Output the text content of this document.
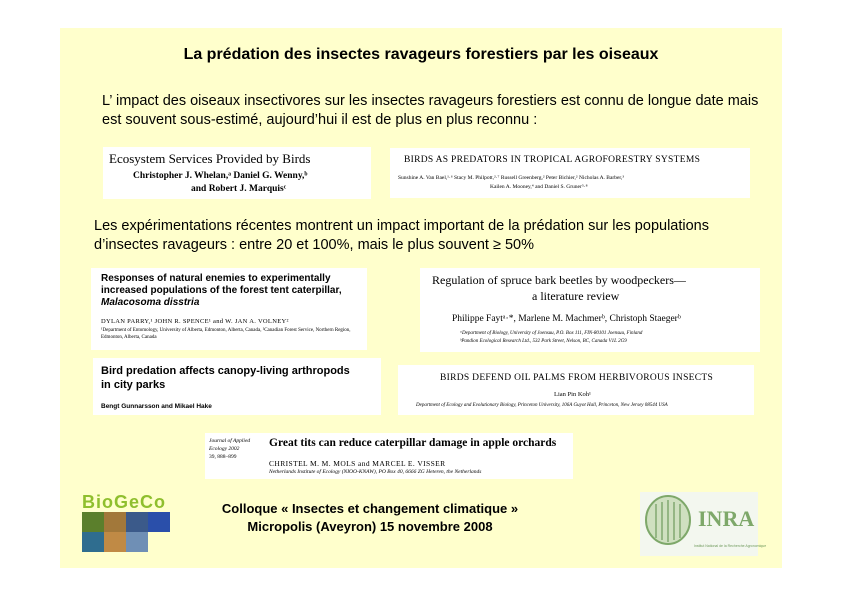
La prédation des insectes ravageurs forestiers par les oiseaux
L’ impact des oiseaux insectivores sur les insectes ravageurs forestiers est connu de longue date mais est souvent sous-estimé, aujourd’hui il est de plus en plus reconnu :
Ecosystem Services Provided by Birds
Christopher J. Whelan,ᵃ Daniel G. Wenny,ᵇ
and Robert J. Marquisᶜ
BIRDS AS PREDATORS IN TROPICAL AGROFORESTRY SYSTEMS
Sunshine A. Van Bael,¹·⁶ Stacy M. Philpott,²·⁷ Russell Greenberg,² Peter Bichier,² Nicholas A. Barber,³
Kailen A. Mooney,⁴ and Daniel S. Gruner⁵·⁸
Les expérimentations récentes montrent un impact important de la prédation sur les populations d’insectes ravageurs : entre 20 et 100%, mais le plus souvent ≥ 50%
Responses of natural enemies to experimentally
increased populations of the forest tent caterpillar,
Malacosoma disstria
DYLAN PARRY,¹ JOHN R. SPENCE¹ and W. JAN A. VOLNEY²
¹Department of Entomology, University of Alberta, Edmonton, Alberta, Canada, ²Canadian Forest Service, Northern Region, Edmonton, Alberta, Canada
Regulation of spruce bark beetles by woodpeckers—
a literature review
Philippe Faytᵃ·*, Marlene M. Machmerᵇ, Christoph Staegerᵇ
ᵃDepartment of Biology, University of Joensuu, P.O. Box 111, FIN-80101 Joensuu, Finland
ᵇPandion Ecological Research Ltd., 532 Park Street, Nelson, BC, Canada V1L 2G9
Bird predation affects canopy-living arthropods
in city parks
Bengt Gunnarsson and Mikael Hake
BIRDS DEFEND OIL PALMS FROM HERBIVOROUS INSECTS
Lian Pin Koh¹
Department of Ecology and Evolutionary Biology, Princeton University, 106A Guyot Hall, Princeton, New Jersey 08544 USA
Journal of Applied
Ecology 2002
39, 888–899
Great tits can reduce caterpillar damage in apple orchards
CHRISTEL M. M. MOLS and MARCEL E. VISSER
Netherlands Institute of Ecology (NIOO-KNAW), PO Box 40, 6666 ZG Heteren, the Netherlands
BioGeCo	Colloque « Insectes et changement climatique »
Micropolis (Aveyron) 15 novembre 2008	INRA
Institut National de la Recherche Agronomique
